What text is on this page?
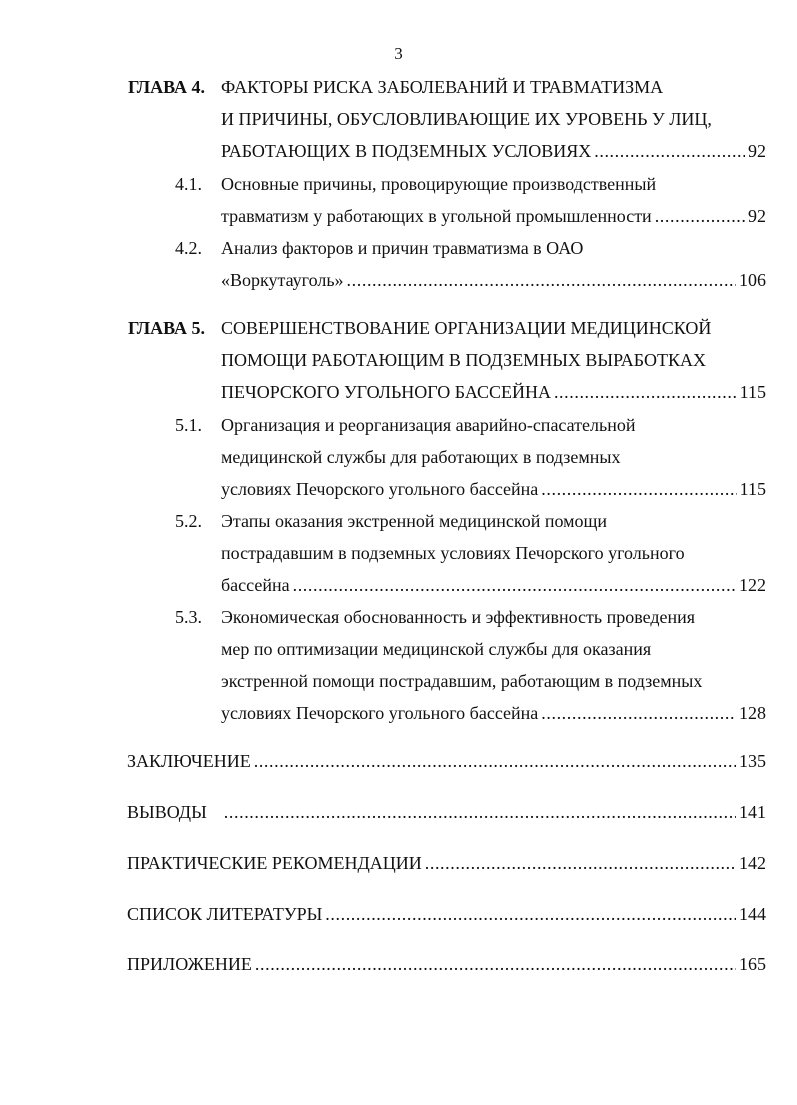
3
ГЛАВА 4. ФАКТОРЫ РИСКА ЗАБОЛЕВАНИЙ И ТРАВМАТИЗМА
И ПРИЧИНЫ, ОБУСЛОВЛИВАЮЩИЕ ИХ УРОВЕНЬ У ЛИЦ,
РАБОТАЮЩИХ В ПОДЗЕМНЫХ УСЛОВИЯХ .....	92
4.1. Основные причины, провоцирующие производственный
травматизм у работающих в угольной промышленности .....	92
4.2. Анализ факторов и причин травматизма в ОАО
«Воркутауголь» .....	106
ГЛАВА 5. СОВЕРШЕНСТВОВАНИЕ ОРГАНИЗАЦИИ МЕДИЦИНСКОЙ
ПОМОЩИ РАБОТАЮЩИМ В ПОДЗЕМНЫХ ВЫРАБОТКАХ
ПЕЧОРСКОГО УГОЛЬНОГО БАССЕЙНА .....	115
5.1. Организация и реорганизация аварийно-спасательной
медицинской службы для работающих в подземных
условиях Печорского угольного бассейна .....	115
5.2. Этапы оказания экстренной медицинской помощи
пострадавшим в подземных условиях Печорского угольного
бассейна .....	122
5.3. Экономическая обоснованность и эффективность проведения
мер по оптимизации медицинской службы для оказания
экстренной помощи пострадавшим, работающим в подземных
условиях Печорского угольного бассейна .....	128
ЗАКЛЮЧЕНИЕ .....	135
ВЫВОДЫ .....	141
ПРАКТИЧЕСКИЕ РЕКОМЕНДАЦИИ .....	142
СПИСОК ЛИТЕРАТУРЫ .....	144
ПРИЛОЖЕНИЕ .....	165
